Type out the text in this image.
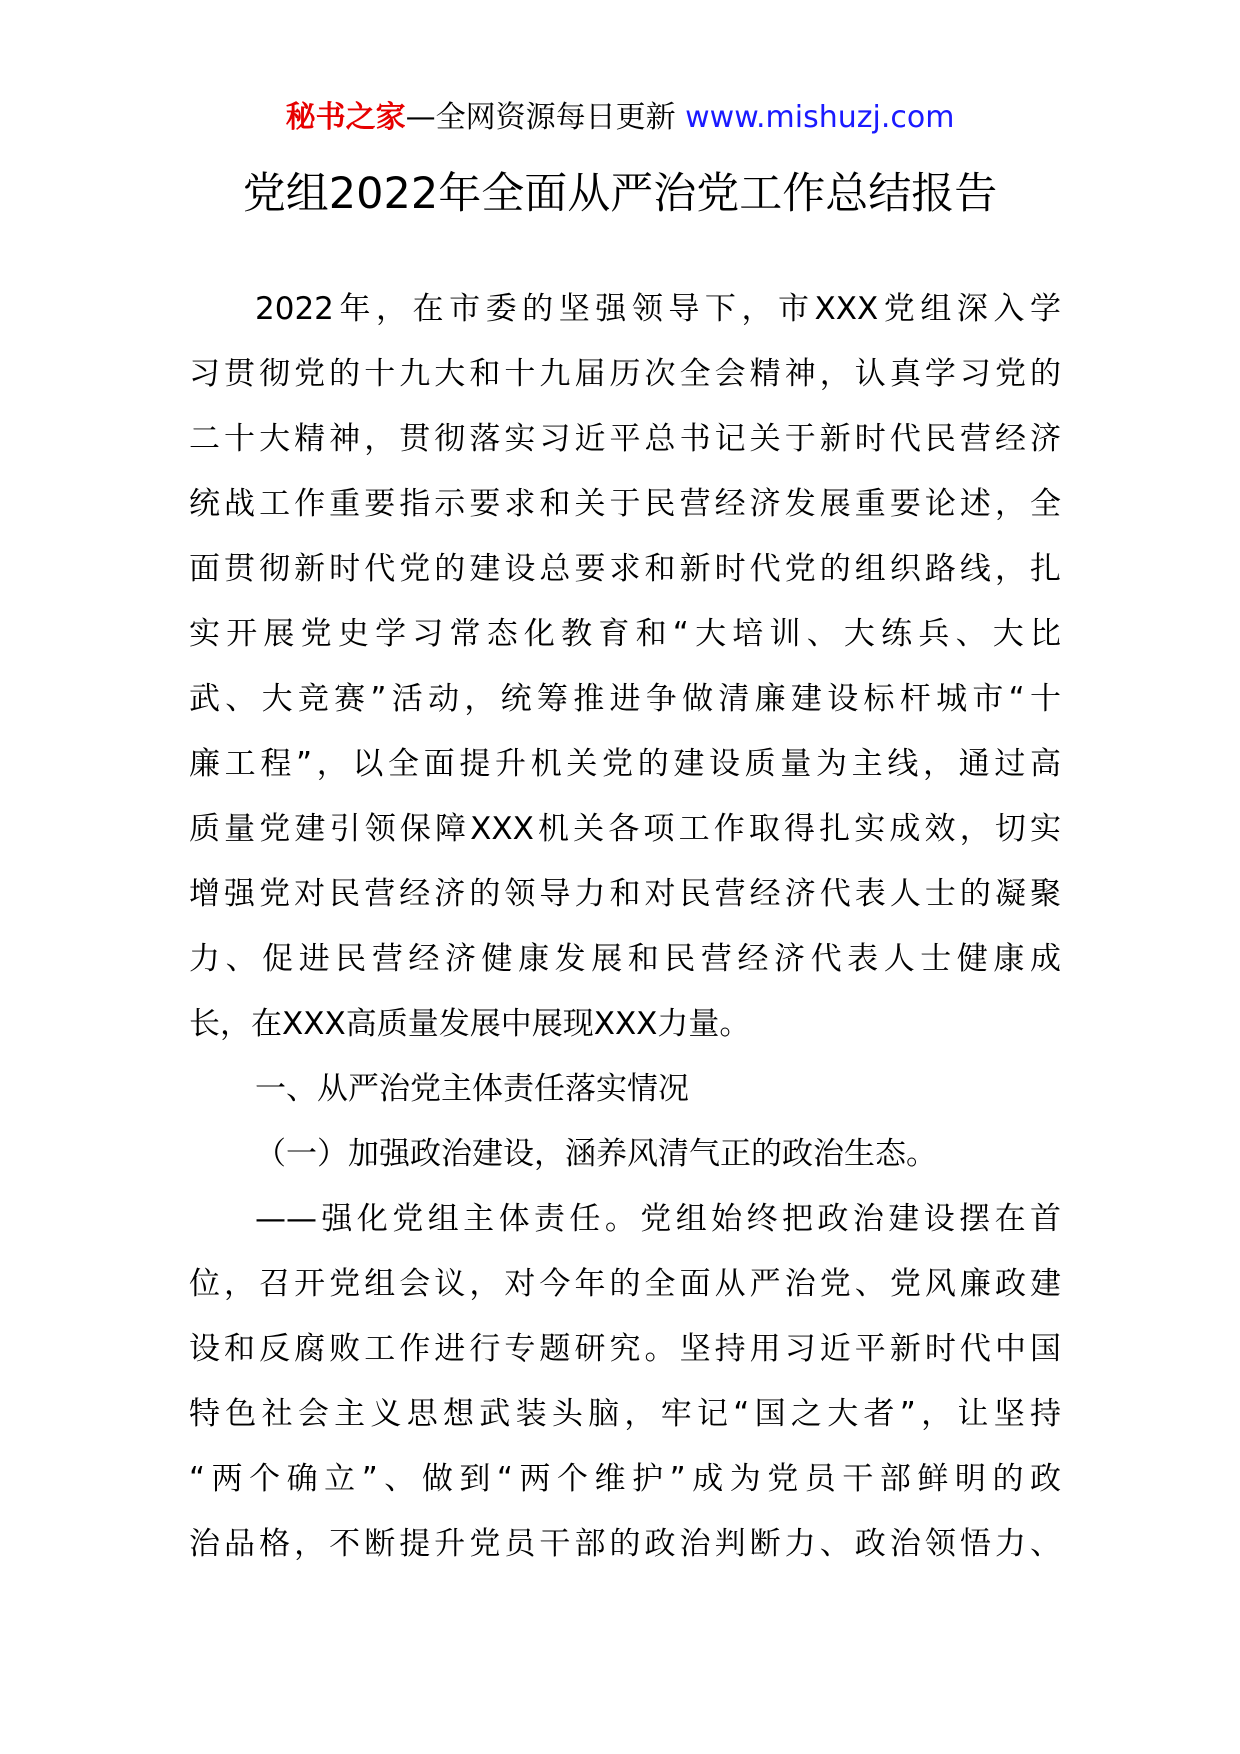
秘书之家—全网资源每日更新 www.mishuzj.com
党组2022年全面从严治党工作总结报告
2022年，在市委的坚强领导下，市XXX党组深入学
习贯彻党的十九大和十九届历次全会精神，认真学习党的
二十大精神，贯彻落实习近平总书记关于新时代民营经济
统战工作重要指示要求和关于民营经济发展重要论述，全
面贯彻新时代党的建设总要求和新时代党的组织路线，扎
实开展党史学习常态化教育和“大培训、大练兵、大比
武、大竞赛”活动，统筹推进争做清廉建设标杆城市“十
廉工程”，以全面提升机关党的建设质量为主线，通过高
质量党建引领保障XXX机关各项工作取得扎实成效，切实
增强党对民营经济的领导力和对民营经济代表人士的凝聚
力、促进民营经济健康发展和民营经济代表人士健康成
长，在XXX高质量发展中展现XXX力量。
一、从严治党主体责任落实情况
（一）加强政治建设，涵养风清气正的政治生态。
——强化党组主体责任。党组始终把政治建设摆在首
位，召开党组会议，对今年的全面从严治党、党风廉政建
设和反腐败工作进行专题研究。坚持用习近平新时代中国
特色社会主义思想武装头脑，牢记“国之大者”，让坚持
“两个确立”、做到“两个维护”成为党员干部鲜明的政
治品格，不断提升党员干部的政治判断力、政治领悟力、
